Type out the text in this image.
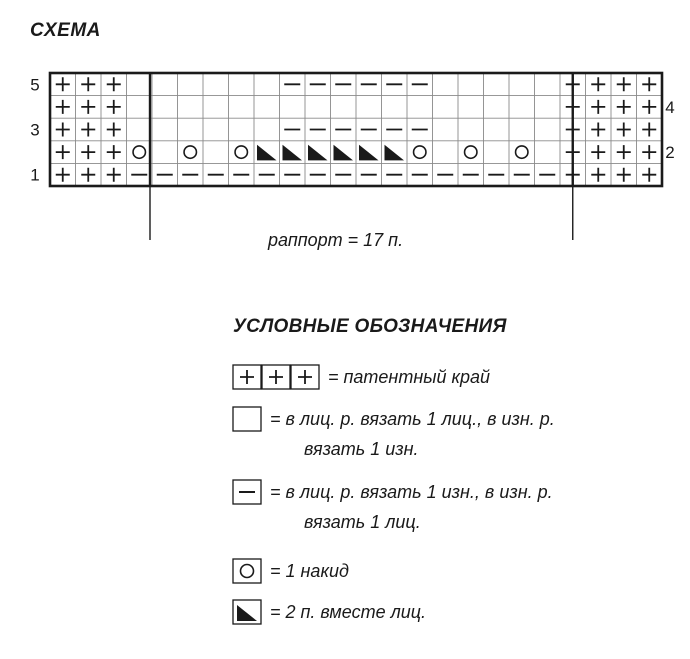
СХЕМА
5
3
1
4
2
раппорт = 17 п.
УСЛОВНЫЕ ОБОЗНАЧЕНИЯ
= патентный край
= в лиц. р. вязать 1 лиц., в изн. р.
вязать 1 изн.
= в лиц. р. вязать 1 изн., в изн. р.
вязать 1 лиц.
= 1 накид
= 2 п. вместе лиц.
